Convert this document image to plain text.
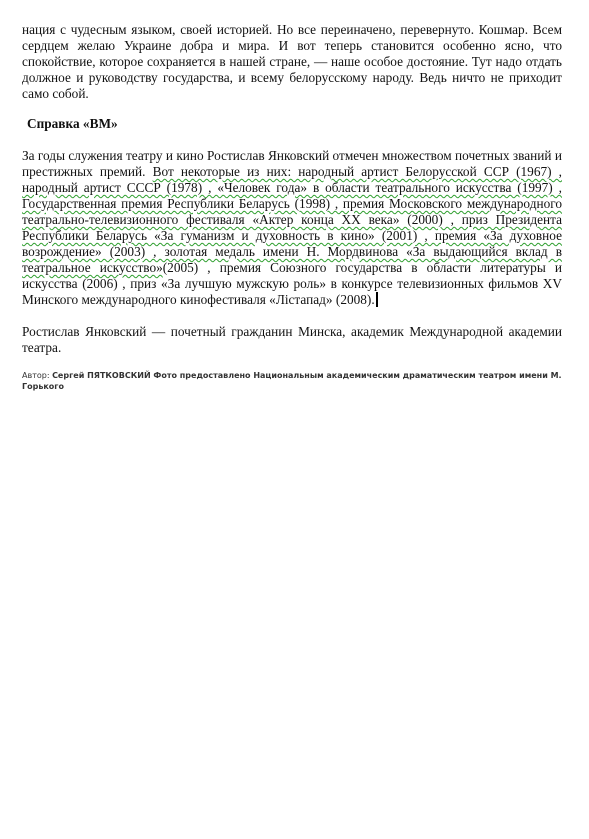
нация с чудесным языком, своей историей. Но все переиначено, перевернуто. Кошмар. Всем сердцем желаю Украине добра и мира. И вот теперь становится особенно ясно, что спокойствие, которое сохраняется в нашей стране, — наше особое достояние. Тут надо отдать должное и руководству государства, и всему белорусскому народу. Ведь ничто не приходит само собой.

Справка «ВМ»

За годы служения театру и кино Ростислав Янковский отмечен множеством почетных званий и престижных премий. Вот некоторые из них: народный артист Белорусской ССР (1967) , народный артист СССР (1978) , «Человек года» в области театрального искусства (1997) , Государственная премия Республики Беларусь (1998) , премия Московского международного театрально-телевизионного фестиваля «Актер конца ХХ века» (2000) , приз Президента Республики Беларусь «За гуманизм и духовность в кино» (2001) , премия «За духовное возрождение» (2003) , золотая медаль имени Н. Мордвинова «За выдающийся вклад в театральное искусство»(2005) , премия Союзного государства в области литературы и искусства (2006) , приз «За лучшую мужскую роль» в конкурсе телевизионных фильмов XV Минского международного кинофестиваля «Лістапад» (2008).

Ростислав Янковский — почетный гражданин Минска, академик Международной академии театра.

Автор: Сергей ПЯТКОВСКИЙ Фото предоставлено Национальным академическим драматическим театром имени М. Горького
